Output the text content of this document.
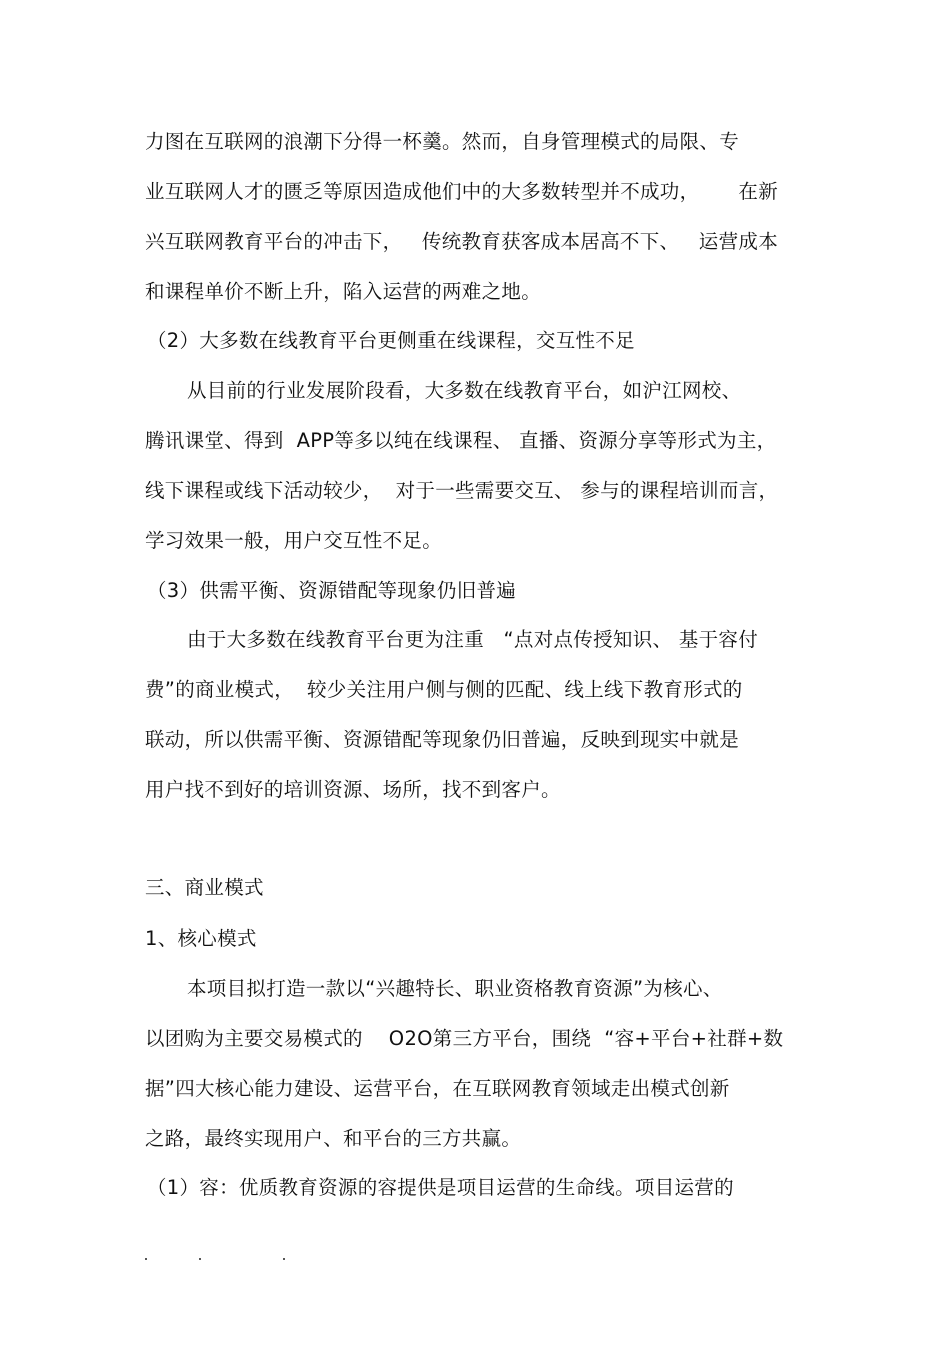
力图在互联网的浪潮下分得一杯羹。然而，自身管理模式的局限、专
业互联网人才的匮乏等原因造成他们中的大多数转型并不成功，      在新
兴互联网教育平台的冲击下，   传统教育获客成本居高不下、   运营成本
和课程单价不断上升，陷入运营的两难之地。
（2）大多数在线教育平台更侧重在线课程，交互性不足
从目前的行业发展阶段看，大多数在线教育平台，如沪江网校、
腾讯课堂、得到  APP等多以纯在线课程、 直播、资源分享等形式为主，
线下课程或线下活动较少，  对于一些需要交互、 参与的课程培训而言，
学习效果一般，用户交互性不足。
（3）供需平衡、资源错配等现象仍旧普遍
由于大多数在线教育平台更为注重   “点对点传授知识、 基于容付
费”的商业模式，  较少关注用户侧与侧的匹配、线上线下教育形式的
联动，所以供需平衡、资源错配等现象仍旧普遍，反映到现实中就是
用户找不到好的培训资源、场所，找不到客户。
三、商业模式
1、核心模式
本项目拟打造一款以“兴趣特长、职业资格教育资源”为核心、
以团购为主要交易模式的    O2O第三方平台，围绕  “容+平台+社群+数
据”四大核心能力建设、运营平台，在互联网教育领域走出模式创新
之路，最终实现用户、和平台的三方共赢。
（1）容：优质教育资源的容提供是项目运营的生命线。项目运营的
